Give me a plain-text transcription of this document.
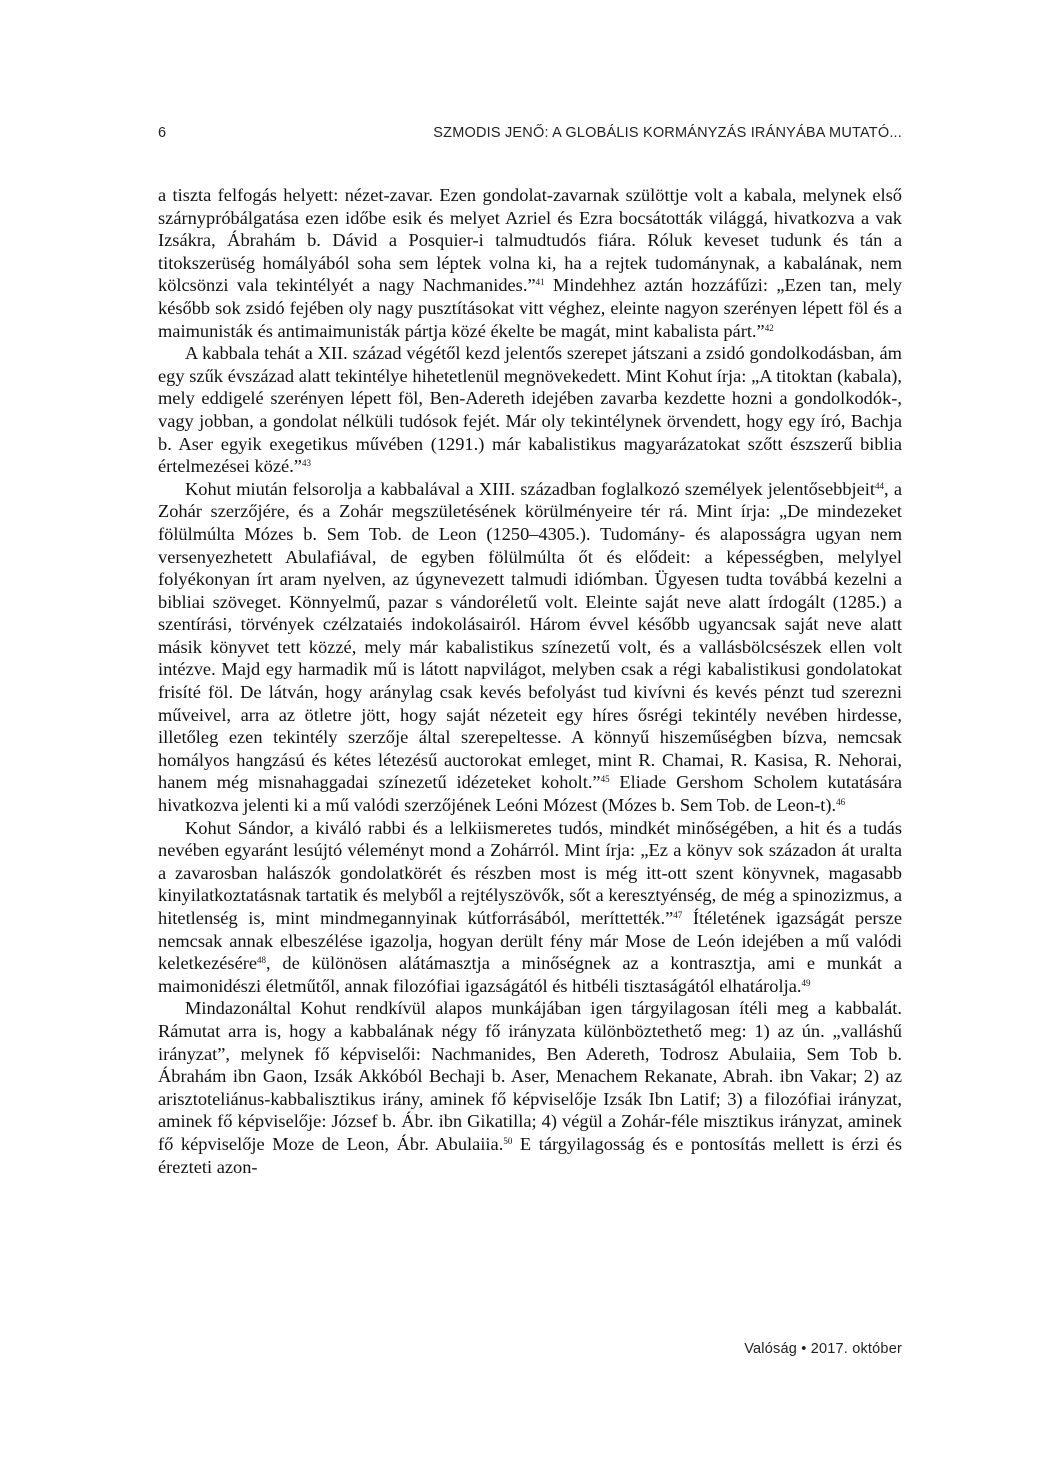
6	SZMODIS JENŐ: A GLOBÁLIS KORMÁNYZÁS IRÁNYÁBA MUTATÓ...

a tiszta felfogás helyett: nézet-zavar. Ezen gondolat-zavarnak szülöttje volt a kabala, melynek első szárnypróbálgatása ezen időbe esik és melyet Azriel és Ezra bocsátották világgá, hivatkozva a vak Izsákra, Ábrahám b. Dávid a Posquier-i talmudtudós fiára. Róluk keveset tudunk és tán a titokszerüség homályából soha sem léptek volna ki, ha a rejtek tudománynak, a kabalának, nem kölcsönzi vala tekintélyét a nagy Nachmanides.”$^{41}$ Mindehhez aztán hozzáfűzi: „Ezen tan, mely később sok zsidó fejében oly nagy pusztításokat vitt véghez, eleinte nagyon szerényen lépett föl és a maimunisták és antimaimunisták pártja közé ékelte be magát, mint kabalista párt.”$^{42}$

A kabbala tehát a XII. század végétől kezd jelentős szerepet játszani a zsidó gondolkodásban, ám egy szűk évszázad alatt tekintélye hihetetlenül megnövekedett. Mint Kohut írja: „A titoktan (kabala), mely eddigelé szerényen lépett föl, Ben-Adereth idejében zavarba kezdette hozni a gondolkodók-, vagy jobban, a gondolat nélküli tudósok fejét. Már oly tekintélynek örvendett, hogy egy író, Bachja b. Aser egyik exegetikus művében (1291.) már kabalistikus magyarázatokat szőtt észszerű biblia értelmezései közé.”$^{43}$

Kohut miután felsorolja a kabbalával a XIII. században foglalkozó személyek jelentősebbjeit$^{44}$, a Zohár szerzőjére, és a Zohár megszületésének körülményeire tér rá. Mint írja: „De mindezeket fölülmúlta Mózes b. Sem Tob. de Leon (1250–4305.). Tudomány- és alaposságra ugyan nem versenyezhetett Abulafiával, de egyben fölülmúlta őt és elődeit: a képességben, melylyel folyékonyan írt aram nyelven, az úgynevezett talmudi idiómban. Ügyesen tudta továbbá kezelni a bibliai szöveget. Könnyelmű, pazar s vándoréletű volt. Eleinte saját neve alatt írdogált (1285.) a szentírási, törvények czélzataiés indokolásairól. Három évvel később ugyancsak saját neve alatt másik könyvet tett közzé, mely már kabalistikus színezetű volt, és a vallásbölcsészek ellen volt intézve. Majd egy harmadik mű is látott napvilágot, melyben csak a régi kabalistikusi gondolatokat frisíté föl. De látván, hogy aránylag csak kevés befolyást tud kivívni és kevés pénzt tud szerezni műveivel, arra az ötletre jött, hogy saját nézeteit egy híres ősrégi tekintély nevében hirdesse, illetőleg ezen tekintély szerzője által szerepeltesse. A könnyű hiszeműségben bízva, nemcsak homályos hangzású és kétes létezésű auctorokat emleget, mint R. Chamai, R. Kasisa, R. Nehorai, hanem még misnahaggadai színezetű idézeteket koholt.”$^{45}$ Eliade Gershom Scholem kutatására hivatkozva jelenti ki a mű valódi szerzőjének Leóni Mózest (Mózes b. Sem Tob. de Leon-t).$^{46}$

Kohut Sándor, a kiváló rabbi és a lelkiismeretes tudós, mindkét minőségében, a hit és a tudás nevében egyaránt lesújtó véleményt mond a Zohárról. Mint írja: „Ez a könyv sok századon át uralta a zavarosban halászók gondolatkörét és részben most is még itt-ott szent könyvnek, magasabb kinyilatkoztatásnak tartatik és melyből a rejtélyszövők, sőt a keresztyénség, de még a spinozizmus, a hitetlenség is, mint mindmegannyinak kútforrásából, meríttették.”$^{47}$ Ítéletének igazságát persze nemcsak annak elbeszélése igazolja, hogyan derült fény már Mose de León idejében a mű valódi keletkezésére$^{48}$, de különösen alátámasztja a minőségnek az a kontrasztja, ami e munkát a maimonidészi életműtől, annak filozófiai igazságától és hitbéli tisztaságától elhatárolja.$^{49}$

Mindazonáltal Kohut rendkívül alapos munkájában igen tárgyilagosan ítéli meg a kabbalát. Rámutat arra is, hogy a kabbalának négy fő irányzata különböztethető meg: 1) az ún. „valláshű irányzat”, melynek fő képviselői: Nachmanides, Ben Adereth, Todrosz Abulaiia, Sem Tob b. Ábrahám ibn Gaon, Izsák Akkóból Bechaji b. Aser, Menachem Rekanate, Abrah. ibn Vakar; 2) az arisztoteliánus-kabbalisztikus irány, aminek fő képviselője Izsák Ibn Latif; 3) a filozófiai irányzat, aminek fő képviselője: József b. Ábr. ibn Gikatilla; 4) végül a Zohár-féle misztikus irányzat, aminek fő képviselője Moze de Leon, Ábr. Abulaiia.$^{50}$ E tárgyilagosság és e pontosítás mellett is érzi és érezteti azon-

Valóság • 2017. október
